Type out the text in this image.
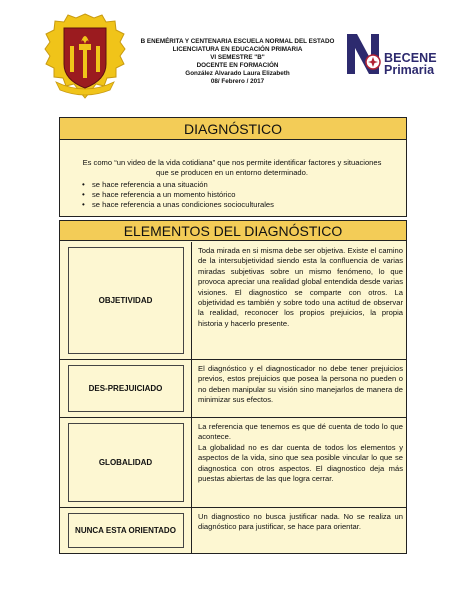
B ENEMÉRITA Y CENTENARIA ESCUELA NORMAL DEL ESTADO
LICENCIATURA EN EDUCACIÓN PRIMARIA
VI SEMESTRE "B"
DOCENTE EN FORMACIÓN
González Alvarado Laura Elizabeth
08/ Febrero / 2017
BECENE
Primaria
DIAGNÓSTICO
Es como “un video de la vida cotidiana” que nos permite identificar factores y situaciones que se producen en un entorno determinado.
• se hace referencia a una situación
• se hace referencia a un momento histórico
• se hace referencia a unas condiciones socioculturales
ELEMENTOS DEL DIAGNÓSTICO
OBJETIVIDAD
Toda mirada en si misma debe ser objetiva. Existe el camino de la intersubjetividad siendo esta la confluencia de varias miradas subjetivas sobre un mismo fenómeno, lo que provoca apreciar una realidad global entendida desde varias visiones. El diagnostico se comparte con otros. La objetividad es también y sobre todo una actitud de observar la realidad, reconocer los propios prejuicios, la propia historia y hacerlo presente.
DES-PREJUICIADO
El diagnóstico y el diagnosticador no debe tener prejuicios previos, estos prejuicios que posea la persona no pueden o no deben manipular su visión sino manejarlos de manera de minimizar sus efectos.
GLOBALIDAD
La referencia que tenemos es que dé cuenta de todo lo que acontece.
La globalidad no es dar cuenta de todos los elementos y aspectos de la vida, sino que sea posible vincular lo que se diagnostica con otros aspectos. El diagnostico deja más puestas abiertas de las que logra cerrar.
NUNCA ESTA ORIENTADO
Un diagnostico no busca justificar nada. No se realiza un diagnóstico para justificar, se hace para orientar.
